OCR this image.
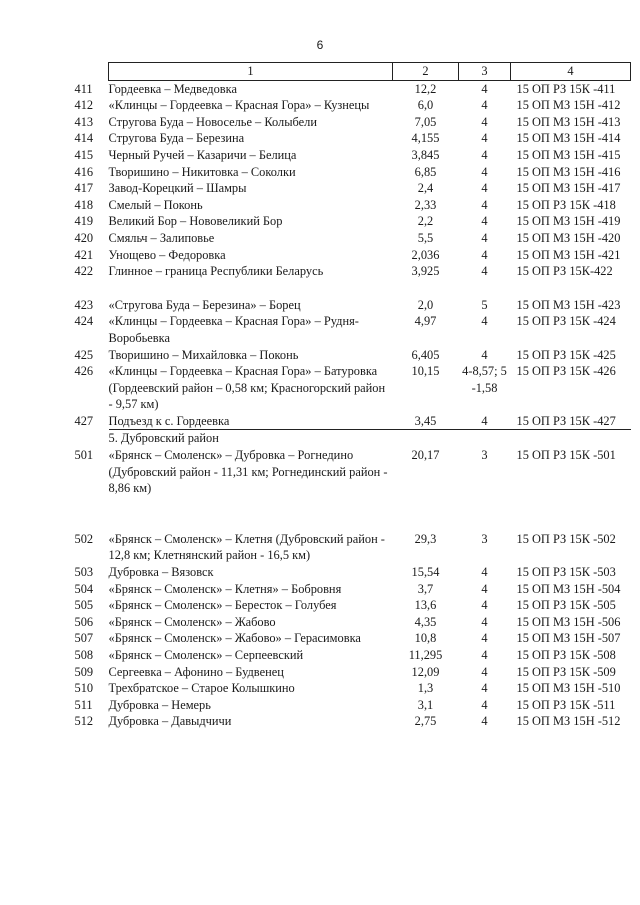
6
1	2	3	4

411 Гордеевка – Медведовка	12,2	4	15 ОП РЗ 15К -411

412 «Клинцы – Гордеевка – Красная Гора» – Кузнецы	6,0	4	15 ОП МЗ 15Н -412

413 Стругова Буда – Новоселье – Колыбели	7,05	4	15 ОП МЗ 15Н -413

414 Стругова Буда – Березина	4,155	4	15 ОП МЗ 15Н -414

415 Черный Ручей – Казаричи – Белица	3,845	4	15 ОП МЗ 15Н -415

416 Творишино – Никитовка – Соколки	6,85	4	15 ОП МЗ 15Н -416

417 Завод-Корецкий – Шамры	2,4	4	15 ОП МЗ 15Н -417

418 Смелый – Поконь	2,33	4	15 ОП РЗ 15К -418

419 Великий Бор – Нововеликий Бор	2,2	4	15 ОП МЗ 15Н -419

420 Смяльч – Залиповье	5,5	4	15 ОП МЗ 15Н -420

421 Унощево – Федоровка	2,036	4	15 ОП МЗ 15Н -421

422 Глинное – граница Республики Беларусь	3,925	4	15 ОП РЗ 15К-422

423 «Стругова Буда – Березина» – Борец	2,0	5	15 ОП МЗ 15Н -423

424 «Клинцы – Гордеевка – Красная Гора» – Рудня-Воробьевка	4,97	4	15 ОП РЗ 15К -424

425 Творишино – Михайловка – Поконь	6,405	4	15 ОП РЗ 15К -425

426 «Клинцы – Гордеевка – Красная Гора» – Батуровка (Гордеевский район – 0,58 км; Красногорский район - 9,57 км)	10,15	4-8,57; 5 -1,58	15 ОП РЗ 15К -426

427 Подъезд к с. Гордеевка	3,45	4	15 ОП РЗ 15К -427

5. Дубровский район			

501 «Брянск – Смоленск» – Дубровка – Рогнедино (Дубровский район - 11,31 км; Рогнединский район - 8,86 км)	20,17	3	15 ОП РЗ 15К -501

502 «Брянск – Смоленск» – Клетня (Дубровский район - 12,8 км; Клетнянский район - 16,5 км)	29,3	3	15 ОП РЗ 15К -502

503 Дубровка – Вязовск	15,54	4	15 ОП РЗ 15К -503

504 «Брянск – Смоленск» – Клетня» – Бобровня	3,7	4	15 ОП МЗ 15Н -504

505 «Брянск – Смоленск» – Бересток – Голубея	13,6	4	15 ОП РЗ 15К -505

506 «Брянск – Смоленск» – Жабово	4,35	4	15 ОП МЗ 15Н -506

507 «Брянск – Смоленск» – Жабово» – Герасимовка	10,8	4	15 ОП МЗ 15Н -507

508 «Брянск – Смоленск» – Серпеевский	11,295	4	15 ОП РЗ 15К -508

509 Сергеевка – Афонино – Будвенец	12,09	4	15 ОП РЗ 15К -509

510 Трехбратское – Старое Колышкино	1,3	4	15 ОП МЗ 15Н -510

511 Дубровка – Немерь	3,1	4	15 ОП РЗ 15К -511

512 Дубровка – Давыдчичи	2,75	4	15 ОП МЗ 15Н -512
